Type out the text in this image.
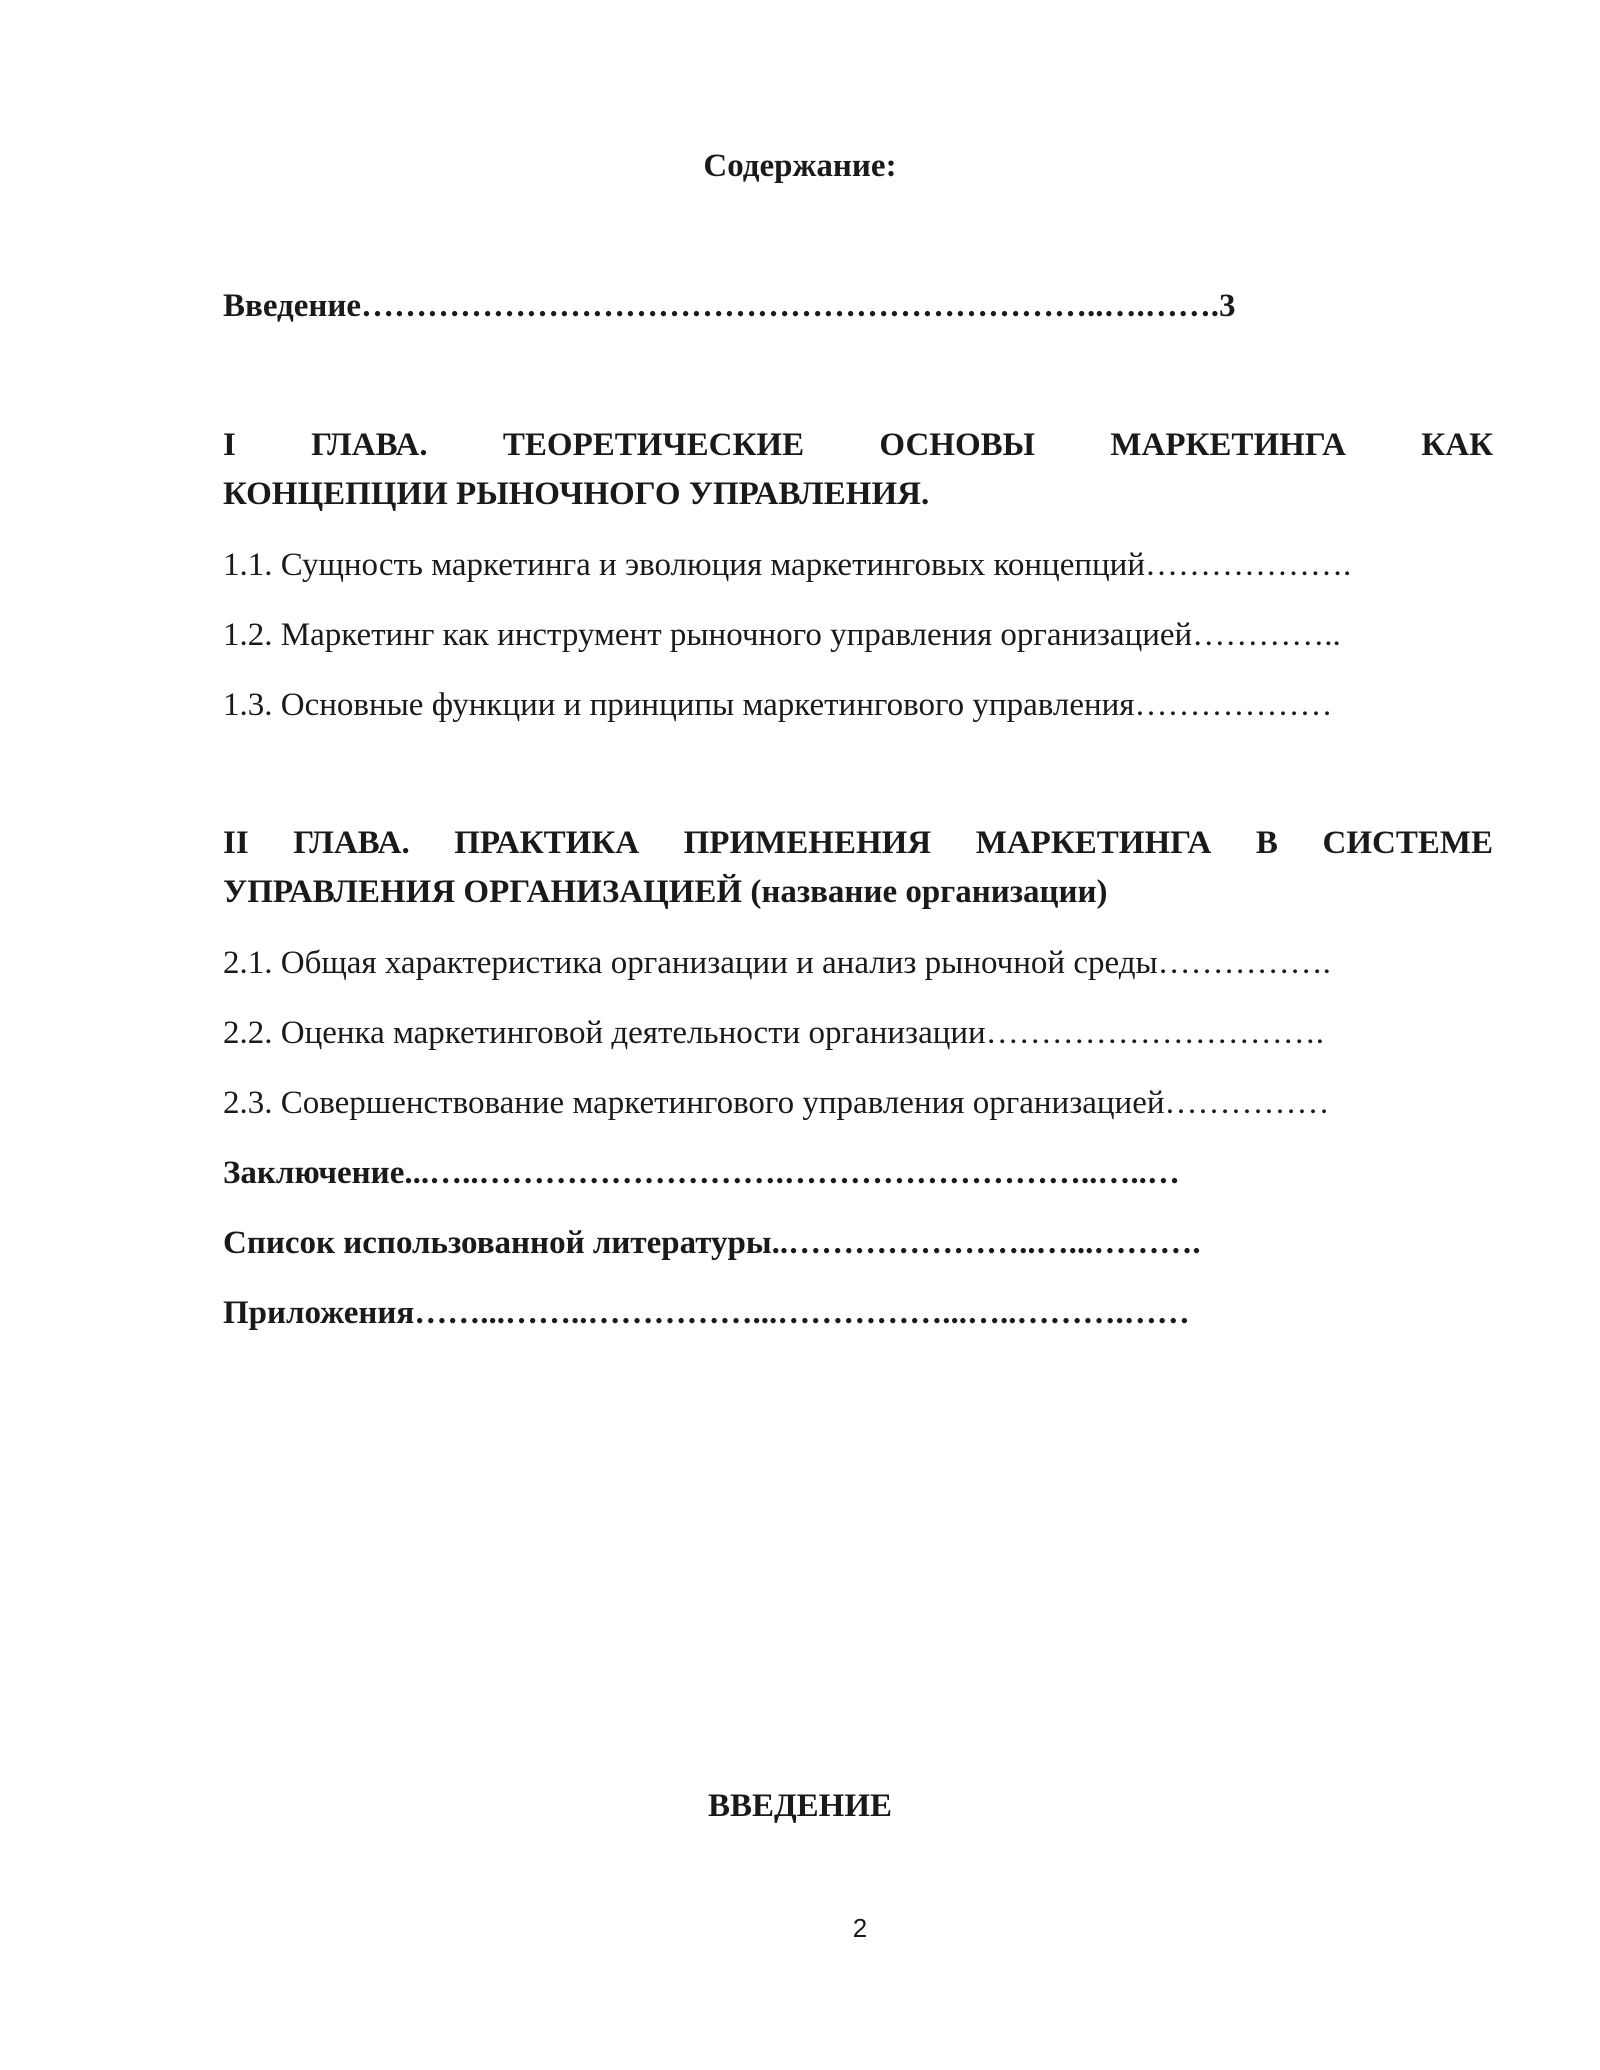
Содержание:

Введение…………………………………………………………..….…….3

I ГЛАВА. ТЕОРЕТИЧЕСКИЕ ОСНОВЫ МАРКЕТИНГА КАК
КОНЦЕПЦИИ РЫНОЧНОГО УПРАВЛЕНИЯ.

1.1. Сущность маркетинга и эволюция маркетинговых концепций……………….

1.2. Маркетинг как инструмент рыночного управления организацией…………..

1.3. Основные функции и принципы маркетингового управления………………

II ГЛАВА. ПРАКТИКА ПРИМЕНЕНИЯ МАРКЕТИНГА В СИСТЕМЕ
УПРАВЛЕНИЯ ОРГАНИЗАЦИЕЙ (название организации)

2.1. Общая характеристика организации и анализ рыночной среды…………….

2.2. Оценка маркетинговой деятельности организации………………………….

2.3. Совершенствование маркетингового управления организацией……………

Заключение...…..……………………….………………………..…..…

Список использованной литературы..…………………..…...……….

Приложения……...……..……………...……………...…..……….……

ВВЕДЕНИЕ

2
